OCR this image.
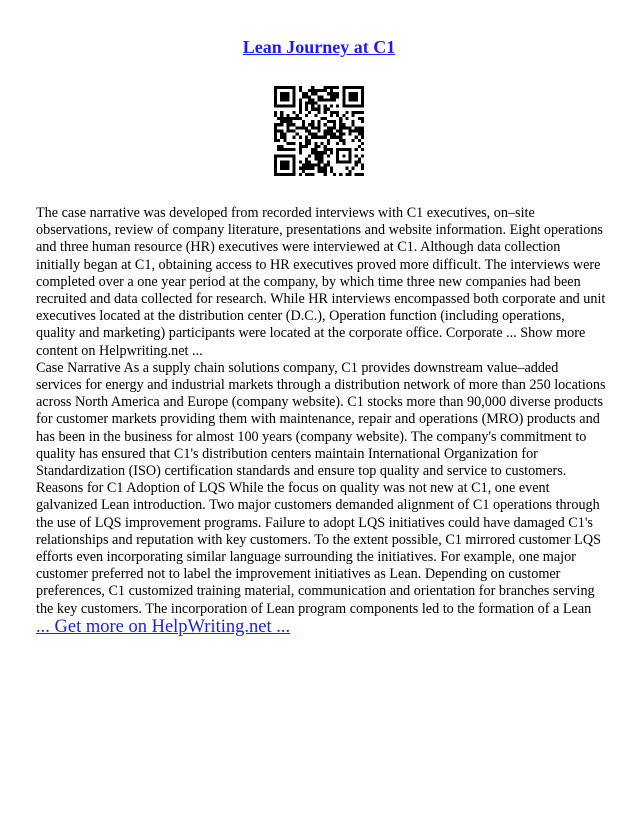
Lean Journey at C1

The case narrative was developed from recorded interviews with C1 executives, on–site observations, review of company literature, presentations and website information. Eight operations and three human resource (HR) executives were interviewed at C1. Although data collection initially began at C1, obtaining access to HR executives proved more difficult. The interviews were completed over a one year period at the company, by which time three new companies had been recruited and data collected for research. While HR interviews encompassed both corporate and unit executives located at the distribution center (D.C.), Operation function (including operations, quality and marketing) participants were located at the corporate office. Corporate ... Show more content on Helpwriting.net ...

Case Narrative As a supply chain solutions company, C1 provides downstream value–added services for energy and industrial markets through a distribution network of more than 250 locations across North America and Europe (company website). C1 stocks more than 90,000 diverse products for customer markets providing them with maintenance, repair and operations (MRO) products and has been in the business for almost 100 years (company website). The company's commitment to quality has ensured that C1's distribution centers maintain International Organization for Standardization (ISO) certification standards and ensure top quality and service to customers. Reasons for C1 Adoption of LQS While the focus on quality was not new at C1, one event galvanized Lean introduction. Two major customers demanded alignment of C1 operations through the use of LQS improvement programs. Failure to adopt LQS initiatives could have damaged C1's relationships and reputation with key customers. To the extent possible, C1 mirrored customer LQS efforts even incorporating similar language surrounding the initiatives. For example, one major customer preferred not to label the improvement initiatives as Lean. Depending on customer preferences, C1 customized training material, communication and orientation for branches serving the key customers. The incorporation of Lean program components led to the formation of a Lean

... Get more on HelpWriting.net ...
